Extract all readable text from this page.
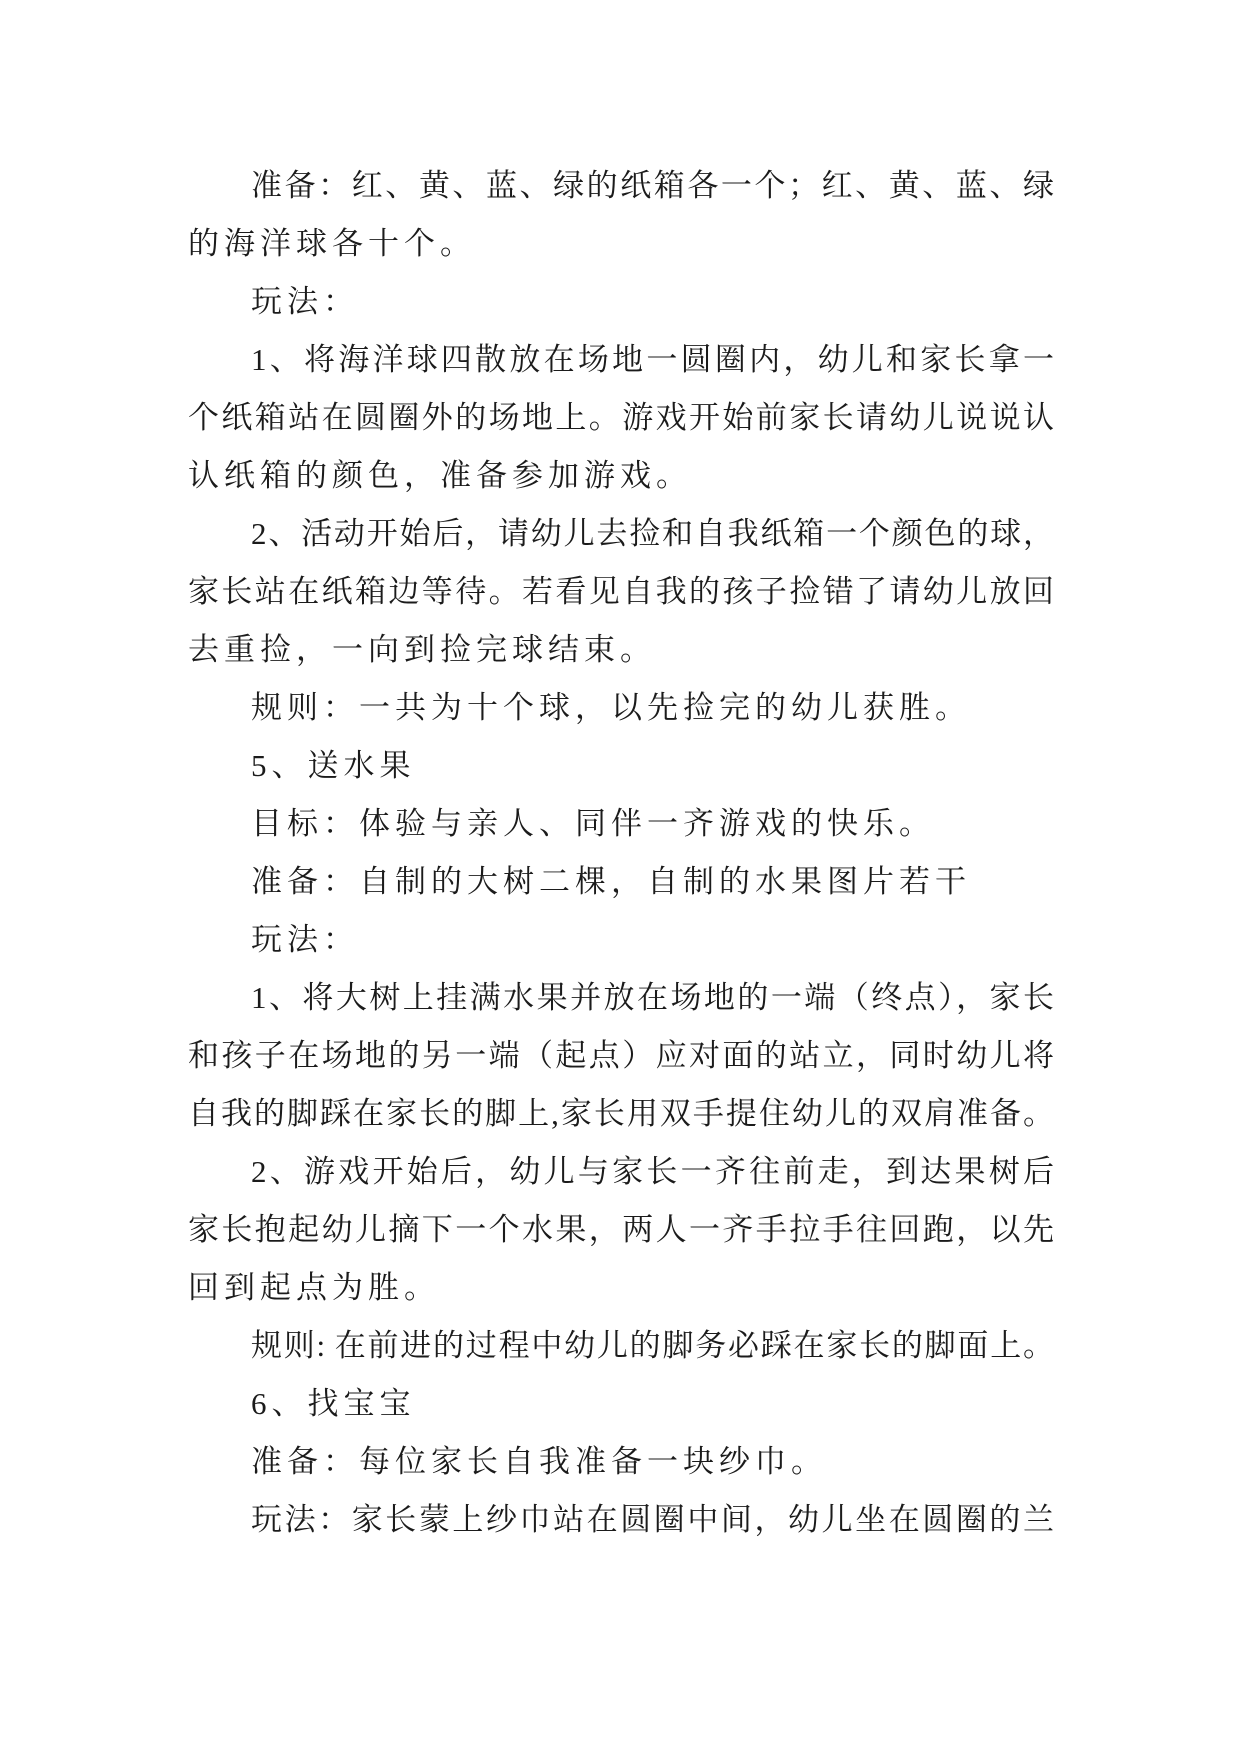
准备：红、黄、蓝、绿的纸箱各一个；红、黄、蓝、绿
的海洋球各十个。
玩法：
1、将海洋球四散放在场地一圆圈内，幼儿和家长拿一
个纸箱站在圆圈外的场地上。游戏开始前家长请幼儿说说认
认纸箱的颜色，准备参加游戏。
2、活动开始后，请幼儿去捡和自我纸箱一个颜色的球，
家长站在纸箱边等待。若看见自我的孩子捡错了请幼儿放回
去重捡，一向到捡完球结束。
规则：一共为十个球，以先捡完的幼儿获胜。
5、送水果
目标：体验与亲人、同伴一齐游戏的快乐。
准备：自制的大树二棵，自制的水果图片若干
玩法：
1、将大树上挂满水果并放在场地的一端（终点），家长
和孩子在场地的另一端（起点）应对面的站立，同时幼儿将
自我的脚踩在家长的脚上,家长用双手提住幼儿的双肩准备。
2、游戏开始后，幼儿与家长一齐往前走，到达果树后
家长抱起幼儿摘下一个水果，两人一齐手拉手往回跑，以先
回到起点为胜。
规则: 在前进的过程中幼儿的脚务必踩在家长的脚面上。
6、找宝宝
准备：每位家长自我准备一块纱巾。
玩法：家长蒙上纱巾站在圆圈中间，幼儿坐在圆圈的兰
